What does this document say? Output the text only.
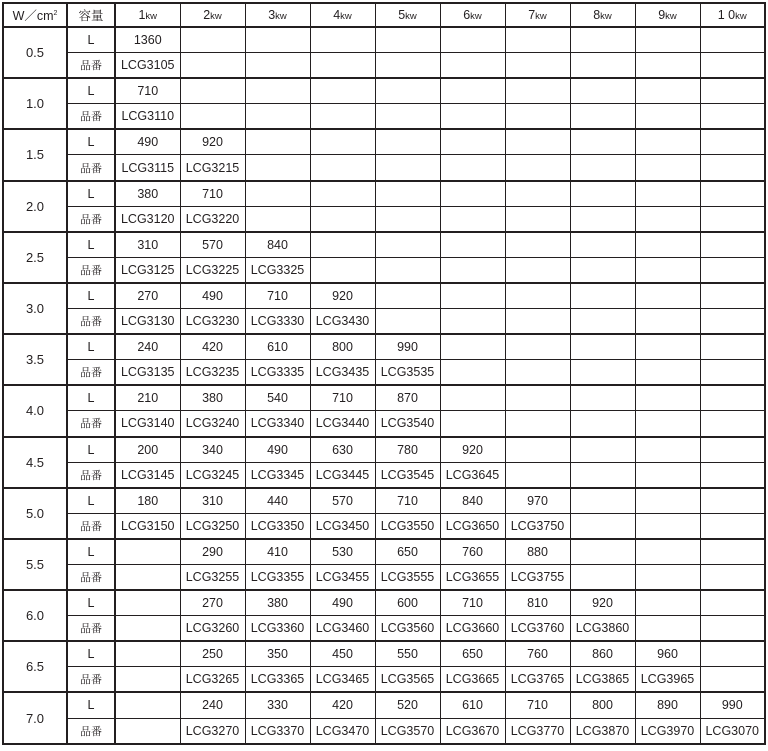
$W/cm^2$	容量	1kw	2kw	3kw	4kw	5kw	6kw	7kw	8kw	9kw	1 0kw
0.5	L	1360									
	品番	LCG3105									
1.0	L	710									
	品番	LCG3110									
1.5	L	490	920								
	品番	LCG3115	LCG3215								
2.0	L	380	710								
	品番	LCG3120	LCG3220								
2.5	L	310	570	840							
	品番	LCG3125	LCG3225	LCG3325							
3.0	L	270	490	710	920						
	品番	LCG3130	LCG3230	LCG3330	LCG3430						
3.5	L	240	420	610	800	990					
	品番	LCG3135	LCG3235	LCG3335	LCG3435	LCG3535					
4.0	L	210	380	540	710	870					
	品番	LCG3140	LCG3240	LCG3340	LCG3440	LCG3540					
4.5	L	200	340	490	630	780	920				
	品番	LCG3145	LCG3245	LCG3345	LCG3445	LCG3545	LCG3645				
5.0	L	180	310	440	570	710	840	970			
	品番	LCG3150	LCG3250	LCG3350	LCG3450	LCG3550	LCG3650	LCG3750			
5.5	L		290	410	530	650	760	880			
	品番		LCG3255	LCG3355	LCG3455	LCG3555	LCG3655	LCG3755			
6.0	L		270	380	490	600	710	810	920		
	品番		LCG3260	LCG3360	LCG3460	LCG3560	LCG3660	LCG3760	LCG3860		
6.5	L		250	350	450	550	650	760	860	960	
	品番		LCG3265	LCG3365	LCG3465	LCG3565	LCG3665	LCG3765	LCG3865	LCG3965	
7.0	L		240	330	420	520	610	710	800	890	990
	品番		LCG3270	LCG3370	LCG3470	LCG3570	LCG3670	LCG3770	LCG3870	LCG3970	LCG3070
